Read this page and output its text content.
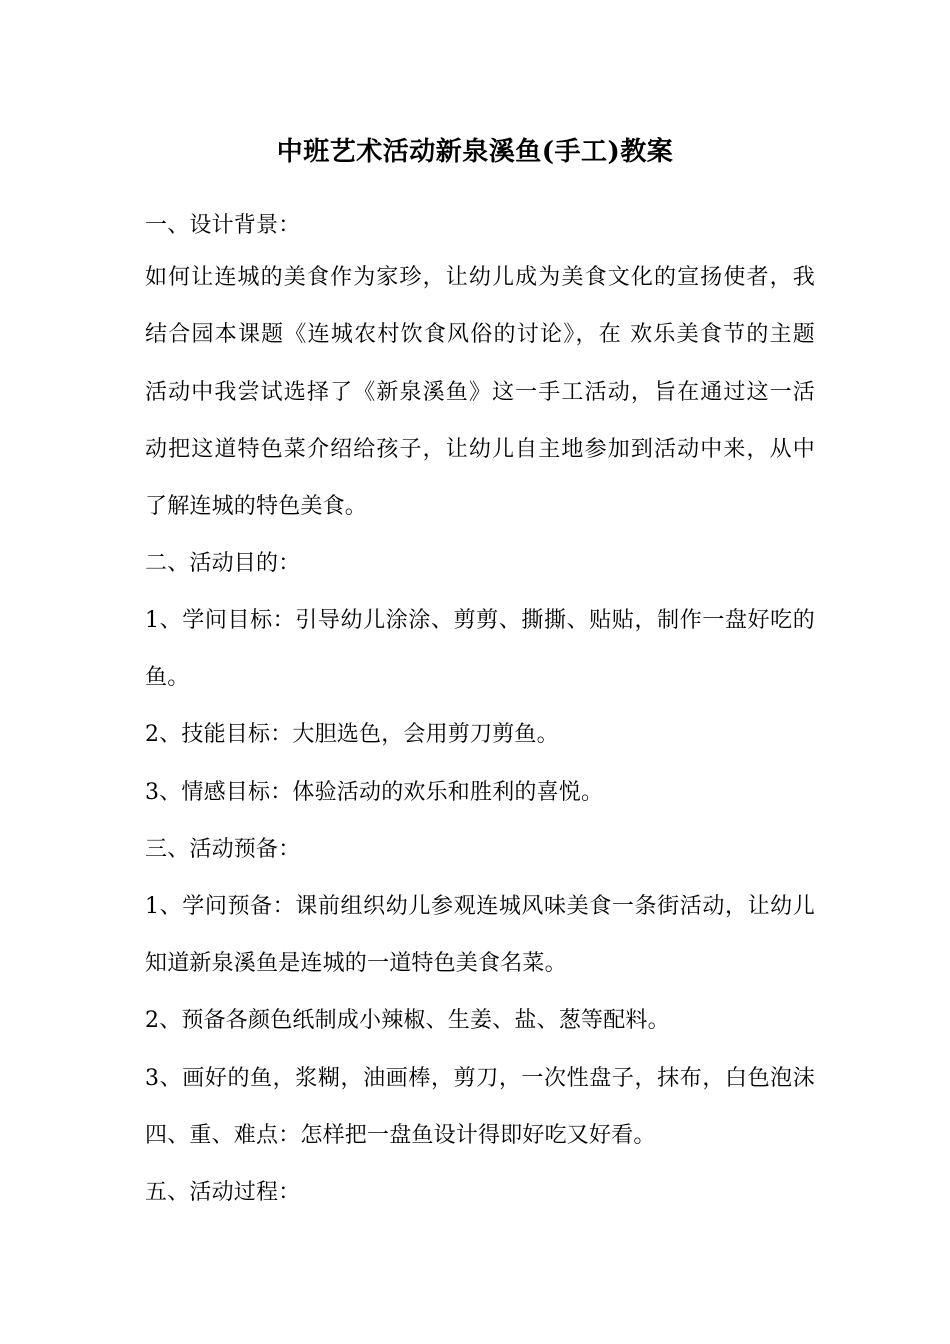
中班艺术活动新泉溪鱼(手工)教案
一、设计背景：
如何让连城的美食作为家珍，让幼儿成为美食文化的宣扬使者，我
结合园本课题《连城农村饮食风俗的讨论》，在 欢乐美食节的主题
活动中我尝试选择了《新泉溪鱼》这一手工活动，旨在通过这一活
动把这道特色菜介绍给孩子，让幼儿自主地参加到活动中来，从中
了解连城的特色美食。
二、活动目的：
1、学问目标：引导幼儿涂涂、剪剪、撕撕、贴贴，制作一盘好吃的
鱼。
2、技能目标：大胆选色，会用剪刀剪鱼。
3、情感目标：体验活动的欢乐和胜利的喜悦。
三、活动预备：
1、学问预备：课前组织幼儿参观连城风味美食一条街活动，让幼儿
知道新泉溪鱼是连城的一道特色美食名菜。
2、预备各颜色纸制成小辣椒、生姜、盐、葱等配料。
3、画好的鱼，浆糊，油画棒，剪刀，一次性盘子，抹布，白色泡沫
四、重、难点：怎样把一盘鱼设计得即好吃又好看。
五、活动过程：
